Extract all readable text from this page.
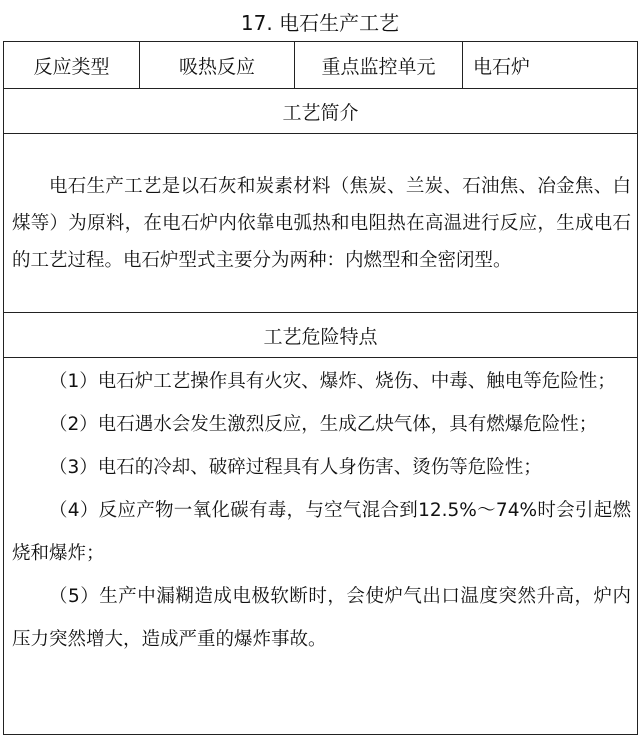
17. 电石生产工艺
反应类型	吸热反应	重点监控单元	电石炉
工艺简介

电石生产工艺是以石灰和炭素材料（焦炭、兰炭、石油焦、冶金焦、白煤等）为原料，在电石炉内依靠电弧热和电阻热在高温进行反应，生成电石的工艺过程。电石炉型式主要分为两种：内燃型和全密闭型。

工艺危险特点

（1）电石炉工艺操作具有火灾、爆炸、烧伤、中毒、触电等危险性；

（2）电石遇水会发生激烈反应，生成乙炔气体，具有燃爆危险性；

（3）电石的冷却、破碎过程具有人身伤害、烫伤等危险性；

（4）反应产物一氧化碳有毒，与空气混合到12.5%～74%时会引起燃烧和爆炸；

（5）生产中漏糊造成电极软断时，会使炉气出口温度突然升高，炉内压力突然增大，造成严重的爆炸事故。
